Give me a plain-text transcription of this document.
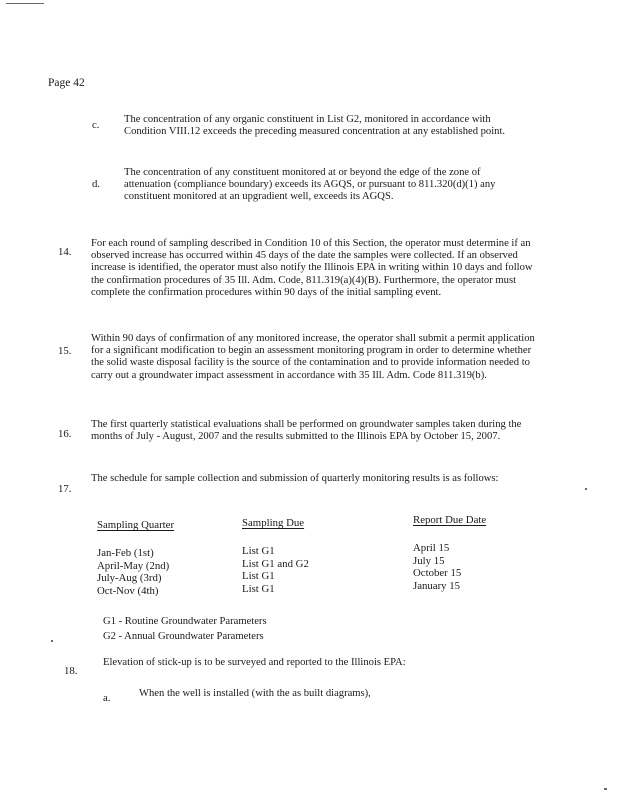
Page 42
c. The concentration of any organic constituent in List G2, monitored in accordance with Condition VIII.12 exceeds the preceding measured concentration at any established point.
d.
The concentration of any constituent monitored at or beyond the edge of the zone of attenuation (compliance boundary) exceeds its AGQS, or pursuant to 811.320(d)(1) any constituent monitored at an upgradient well, exceeds its AGQS.
14.
For each round of sampling described in Condition 10 of this Section, the operator must determine if an observed increase has occurred within 45 days of the date the samples were collected. If an observed increase is identified, the operator must also notify the Illinois EPA in writing within 10 days and follow the confirmation procedures of 35 Ill. Adm. Code, 811.319(a)(4)(B). Furthermore, the operator must complete the confirmation procedures within 90 days of the initial sampling event.
15.
Within 90 days of confirmation of any monitored increase, the operator shall submit a permit application for a significant modification to begin an assessment monitoring program in order to determine whether the solid waste disposal facility is the source of the contamination and to provide information needed to carry out a groundwater impact assessment in accordance with 35 Ill. Adm. Code 811.319(b).
16.
The first quarterly statistical evaluations shall be performed on groundwater samples taken during the months of July - August, 2007 and the results submitted to the Illinois EPA by October 15, 2007.
17.
The schedule for sample collection and submission of quarterly monitoring results is as follows:
Sampling Quarter
Jan-Feb (1st)
April-May (2nd)
July-Aug (3rd)
Oct-Nov (4th)
Sampling Due
List G1
List G1 and G2
List G1
List G1
Report Due Date
April 15
July 15
October 15
January 15
G1 - Routine Groundwater Parameters
G2 - Annual Groundwater Parameters
18.
Elevation of stick-up is to be surveyed and reported to the Illinois EPA:
a.	When the well is installed (with the as built diagrams),
